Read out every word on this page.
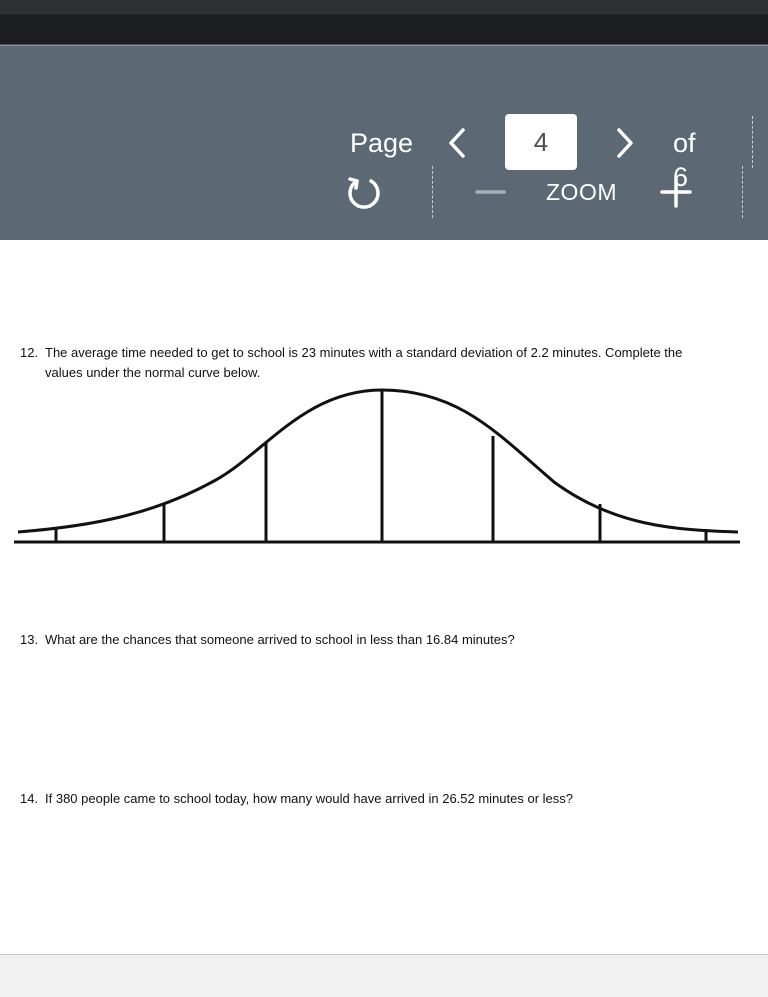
Page
4	of 6
ZOOM
12. The average time needed to get to school is 23 minutes with a standard deviation of 2.2 minutes. Complete the
values under the normal curve below.
13. What are the chances that someone arrived to school in less than 16.84 minutes?
14. If 380 people came to school today, how many would have arrived in 26.52 minutes or less?
